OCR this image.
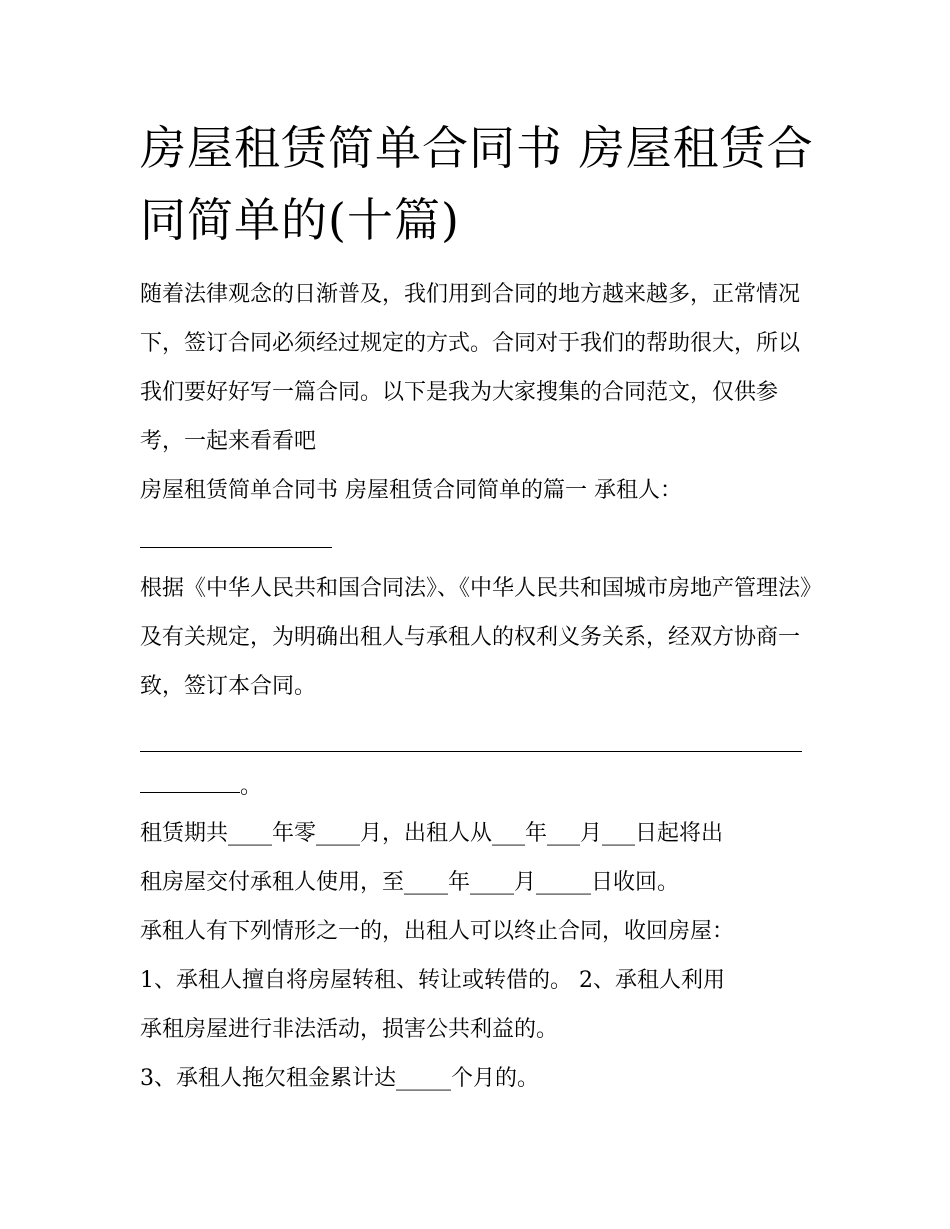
房屋租赁简单合同书 房屋租赁合同简单的(十篇)

随着法律观念的日渐普及，我们用到合同的地方越来越多，正常情况下，签订合同必须经过规定的方式。合同对于我们的帮助很大，所以我们要好好写一篇合同。以下是我为大家搜集的合同范文，仅供参考，一起来看看吧

房屋租赁简单合同书 房屋租赁合同简单的篇一 承租人：

根据《中华人民共和国合同法》、《中华人民共和国城市房地产管理法》及有关规定，为明确出租人与承租人的权利义务关系，经双方协商一致，签订本合同。

。

租赁期共____年零____月，出租人从___年___月___日起将出

租房屋交付承租人使用，至____年____月_____日收回。

承租人有下列情形之一的，出租人可以终止合同，收回房屋：

1、承租人擅自将房屋转租、转让或转借的。 2、承租人利用

承租房屋进行非法活动，损害公共利益的。

3、承租人拖欠租金累计达_____个月的。
